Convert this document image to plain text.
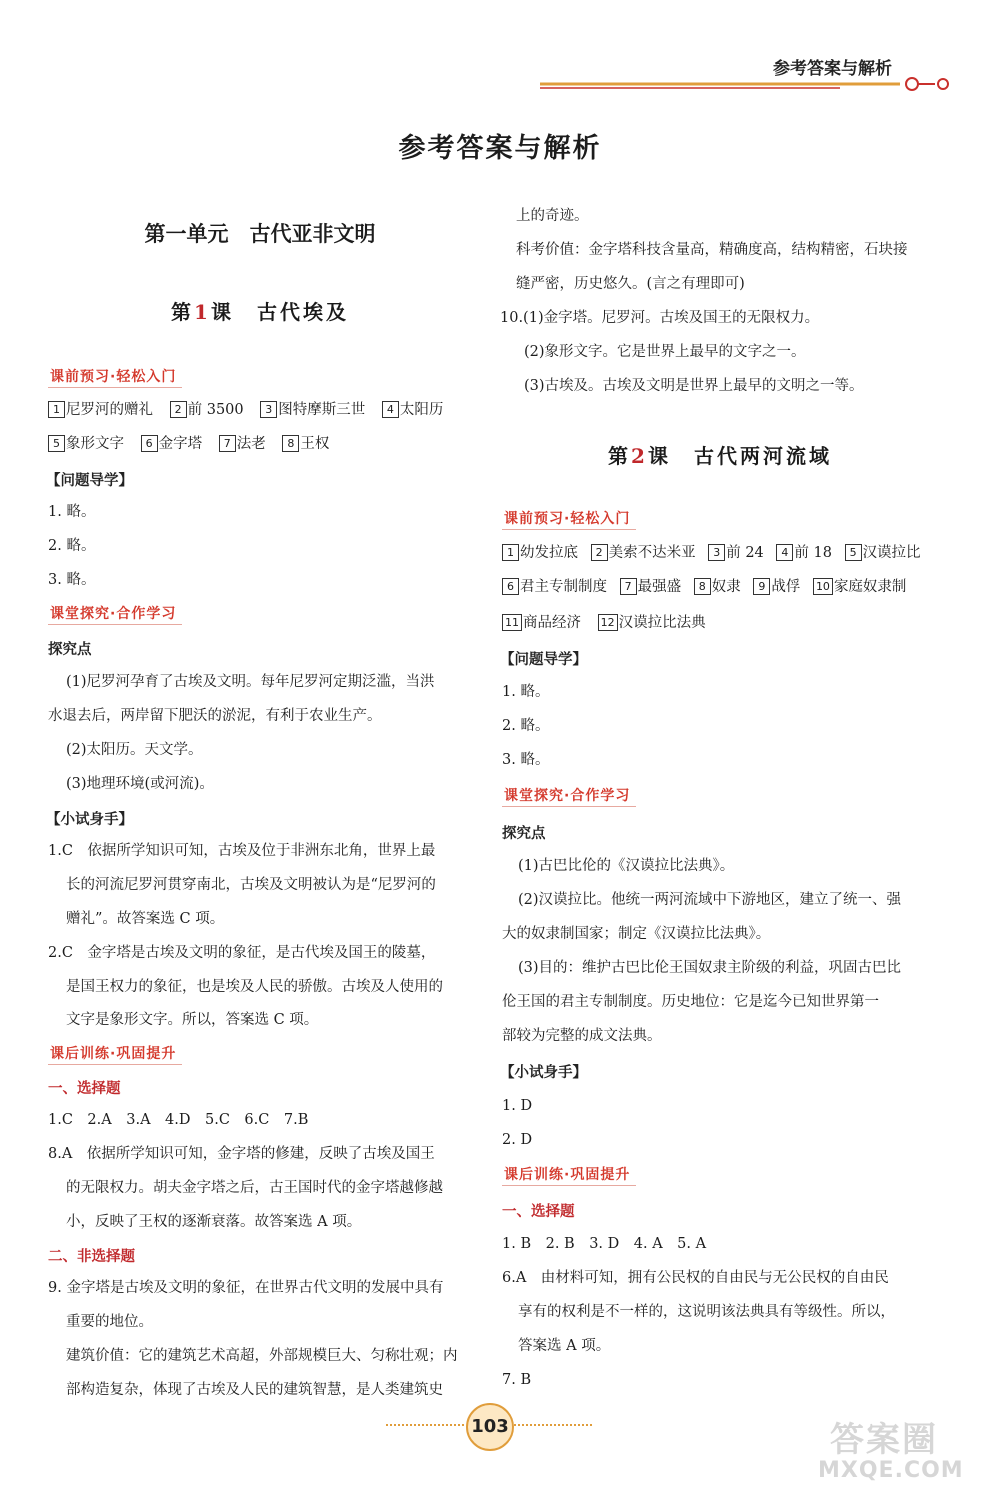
参考答案与解析
参考答案与解析
第一单元　古代亚非文明
第1课　古代埃及
课前预习·轻松入门
1 尼罗河的赠礼 2 前 3500 3 图特摩斯三世 4 太阳历
5 象形文字 6 金字塔 7 法老 8 王权
【问题导学】
1. 略。
2. 略。
3. 略。
课堂探究·合作学习
探究点
(1)尼罗河孕育了古埃及文明。每年尼罗河定期泛滥，当洪
水退去后，两岸留下肥沃的淤泥，有利于农业生产。
(2)太阳历。天文学。
(3)地理环境(或河流)。
【小试身手】
1.C　依据所学知识可知，古埃及位于非洲东北角，世界上最
长的河流尼罗河贯穿南北，古埃及文明被认为是“尼罗河的
赠礼”。故答案选 C 项。
2.C　金字塔是古埃及文明的象征，是古代埃及国王的陵墓，
是国王权力的象征，也是埃及人民的骄傲。古埃及人使用的
文字是象形文字。所以，答案选 C 项。
课后训练·巩固提升
一、选择题
1.C　2.A　3.A　4.D　5.C　6.C　7.B
8.A　依据所学知识可知，金字塔的修建，反映了古埃及国王
的无限权力。胡夫金字塔之后，古王国时代的金字塔越修越
小，反映了王权的逐渐衰落。故答案选 A 项。
二、非选择题
9. 金字塔是古埃及文明的象征，在世界古代文明的发展中具有
重要的地位。
建筑价值：它的建筑艺术高超，外部规模巨大、匀称壮观；内
部构造复杂，体现了古埃及人民的建筑智慧，是人类建筑史
上的奇迹。
科考价值：金字塔科技含量高，精确度高，结构精密，石块接
缝严密，历史悠久。(言之有理即可)
10.(1)金字塔。尼罗河。古埃及国王的无限权力。
(2)象形文字。它是世界上最早的文字之一。
(3)古埃及。古埃及文明是世界上最早的文明之一等。
第2课　古代两河流域
课前预习·轻松入门
1 幼发拉底 2 美索不达米亚 3 前 24 4 前 18 5 汉谟拉比
6 君主专制制度 7 最强盛 8 奴隶 9 战俘 10 家庭奴隶制
11 商品经济 12 汉谟拉比法典
【问题导学】
1. 略。
2. 略。
3. 略。
课堂探究·合作学习
探究点
(1)古巴比伦的《汉谟拉比法典》。
(2)汉谟拉比。他统一两河流域中下游地区，建立了统一、强
大的奴隶制国家；制定《汉谟拉比法典》。
(3)目的：维护古巴比伦王国奴隶主阶级的利益，巩固古巴比
伦王国的君主专制制度。历史地位：它是迄今已知世界第一
部较为完整的成文法典。
【小试身手】
1. D
2. D
课后训练·巩固提升
一、选择题
1. B　2. B　3. D　4. A　5. A
6.A　由材料可知，拥有公民权的自由民与无公民权的自由民
享有的权利是不一样的，这说明该法典具有等级性。所以，
答案选 A 项。
7. B
103	答案圈
MXQE.COM
